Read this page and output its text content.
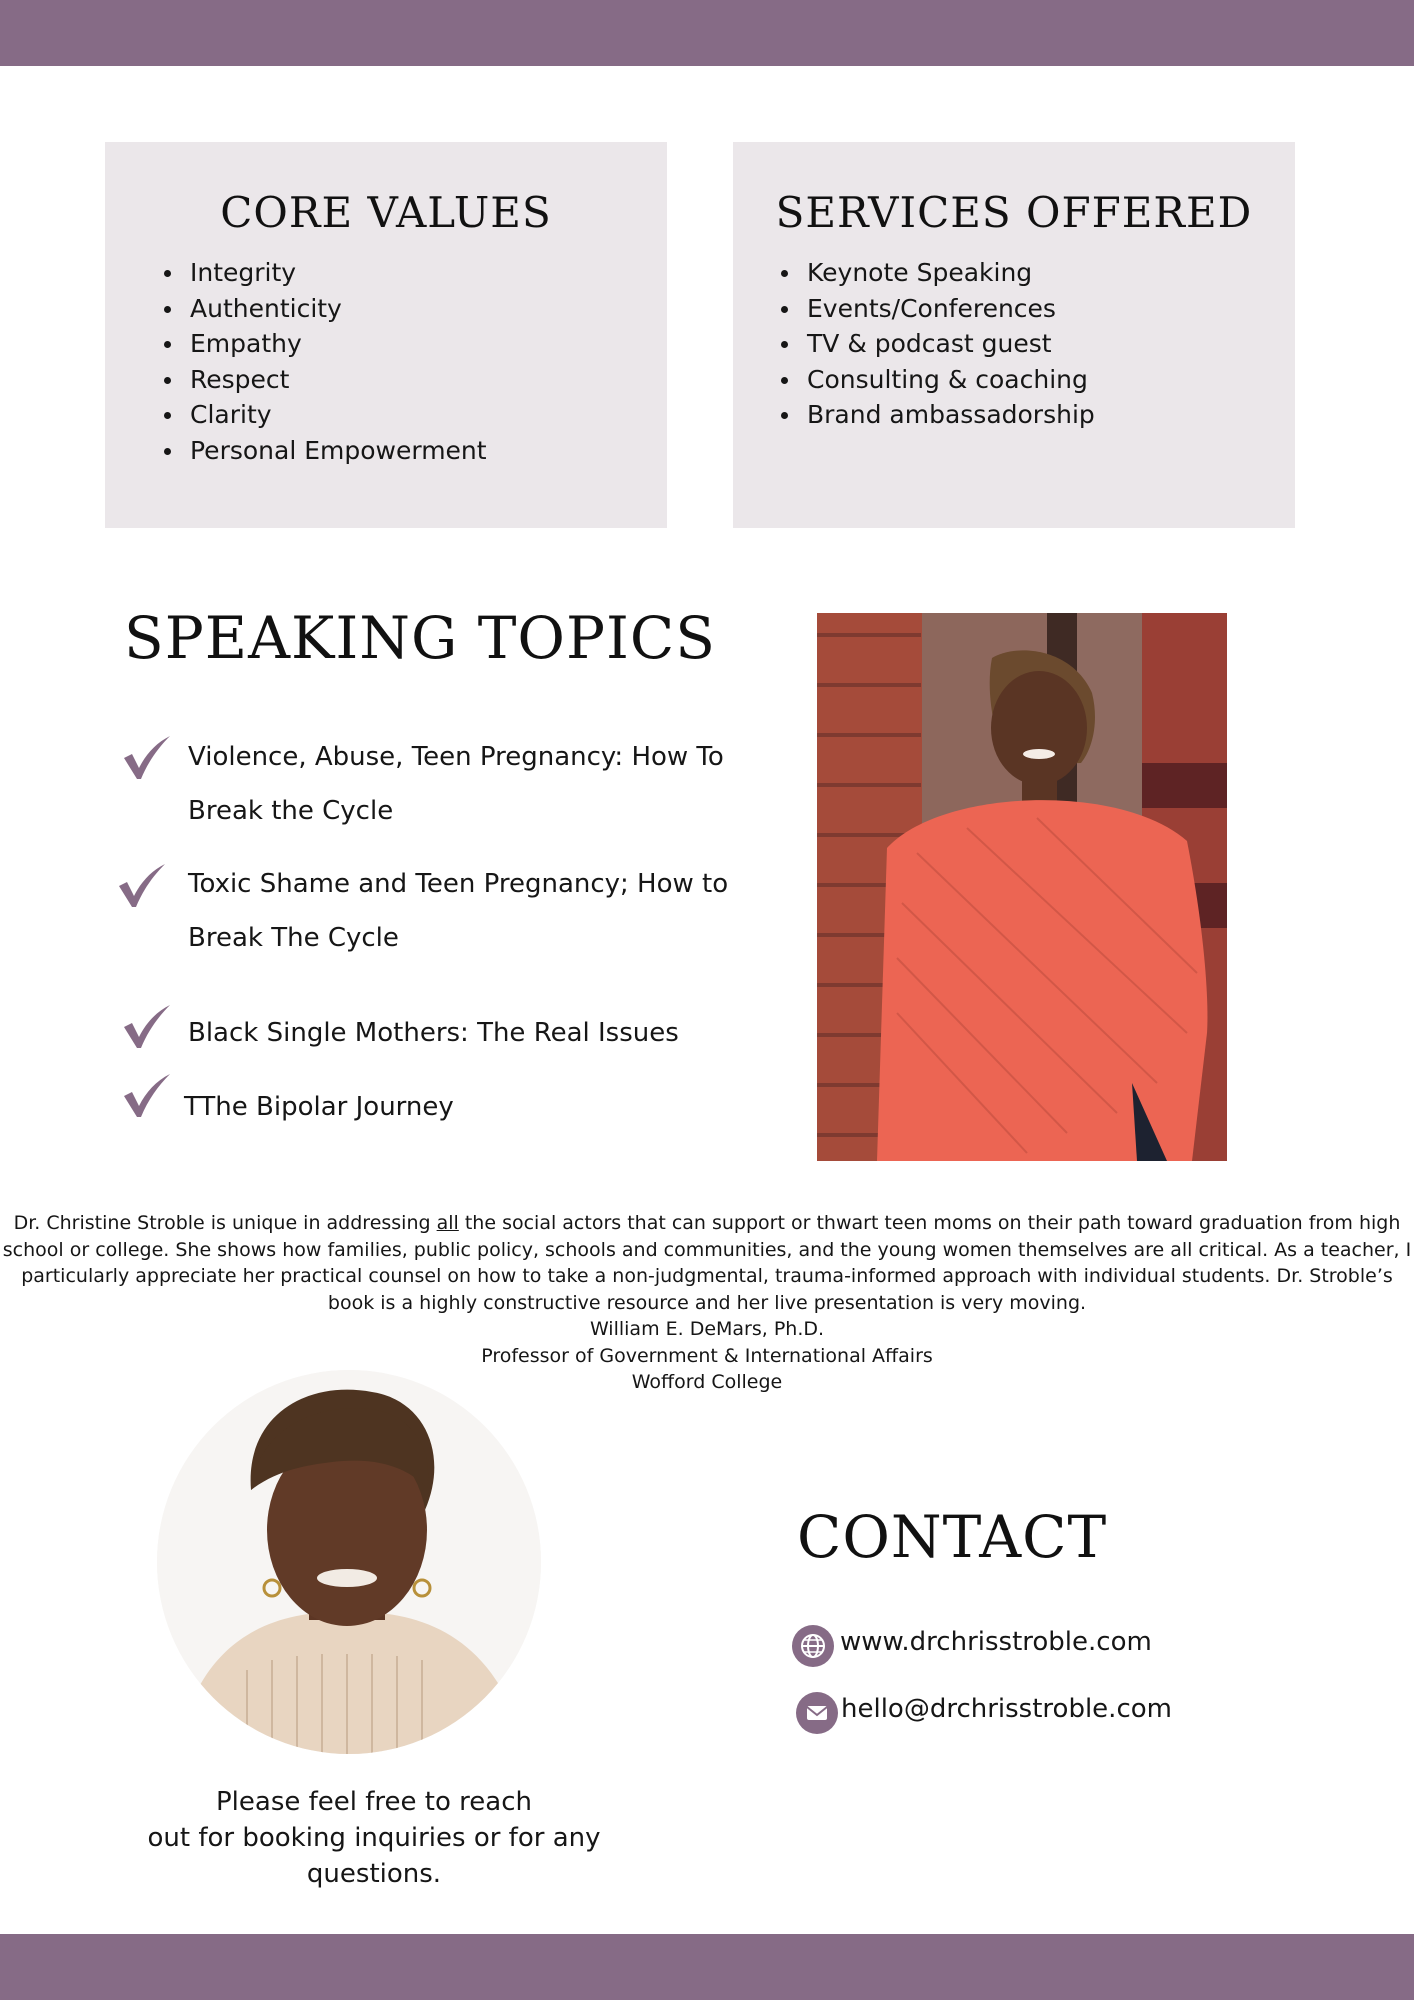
CORE VALUES
Integrity
Authenticity
Empathy
Respect
Clarity
Personal Empowerment
SERVICES OFFERED
Keynote Speaking
Events/Conferences
TV & podcast guest
Consulting & coaching
Brand ambassadorship
SPEAKING TOPICS
Violence, Abuse, Teen Pregnancy: How To Break the Cycle
Toxic Shame and Teen Pregnancy; How to Break The Cycle
Black Single Mothers: The Real Issues
TThe Bipolar Journey

Dr. Christine Stroble is unique in addressing all the social actors that can support or thwart teen moms on their path toward graduation from high school or college. She shows how families, public policy, schools and communities, and the young women themselves are all critical. As a teacher, I particularly appreciate her practical counsel on how to take a non-judgmental, trauma-informed approach with individual students. Dr. Stroble’s book is a highly constructive resource and her live presentation is very moving.

William E. DeMars, Ph.D.

Professor of Government & International Affairs

Wofford College

CONTACT
www.drchrisstroble.com
hello@drchrisstroble.com
Please feel free to reach
out for booking inquiries or for any
questions.
